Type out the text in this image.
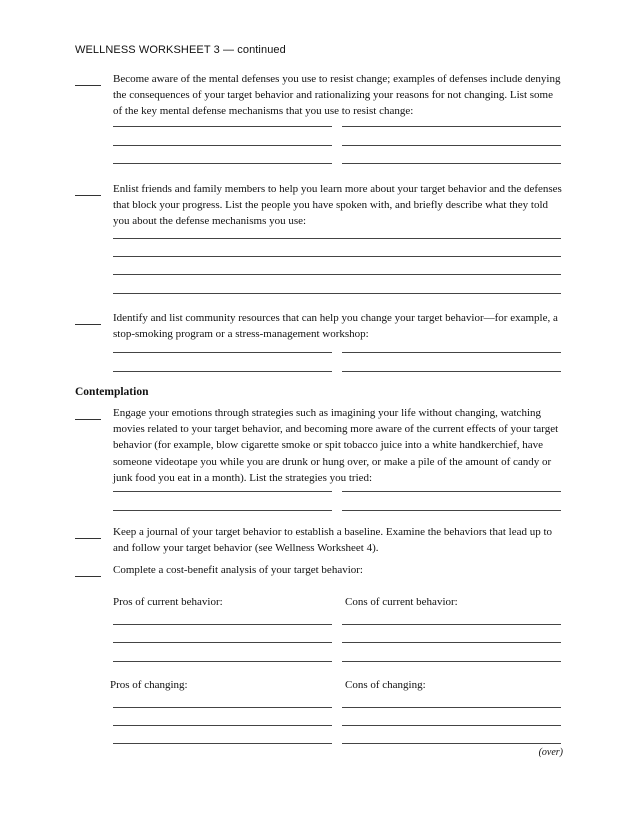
WELLNESS WORKSHEET 3 — continued
Become aware of the mental defenses you use to resist change; examples of defenses include denying the consequences of your target behavior and rationalizing your reasons for not changing. List some of the key mental defense mechanisms that you use to resist change:
Enlist friends and family members to help you learn more about your target behavior and the defenses that block your progress. List the people you have spoken with, and briefly describe what they told you about the defense mechanisms you use:
Identify and list community resources that can help you change your target behavior—for example, a stop-smoking program or a stress-management workshop:
Contemplation
Engage your emotions through strategies such as imagining your life without changing, watching movies related to your target behavior, and becoming more aware of the current effects of your target behavior (for example, blow cigarette smoke or spit tobacco juice into a white handkerchief, have someone videotape you while you are drunk or hung over, or make a pile of the amount of candy or junk food you eat in a month). List the strategies you tried:
Keep a journal of your target behavior to establish a baseline. Examine the behaviors that lead up to and follow your target behavior (see Wellness Worksheet 4).
Complete a cost-benefit analysis of your target behavior:
Pros of current behavior:	Cons of current behavior:
Pros of changing:	Cons of changing:
(over)
